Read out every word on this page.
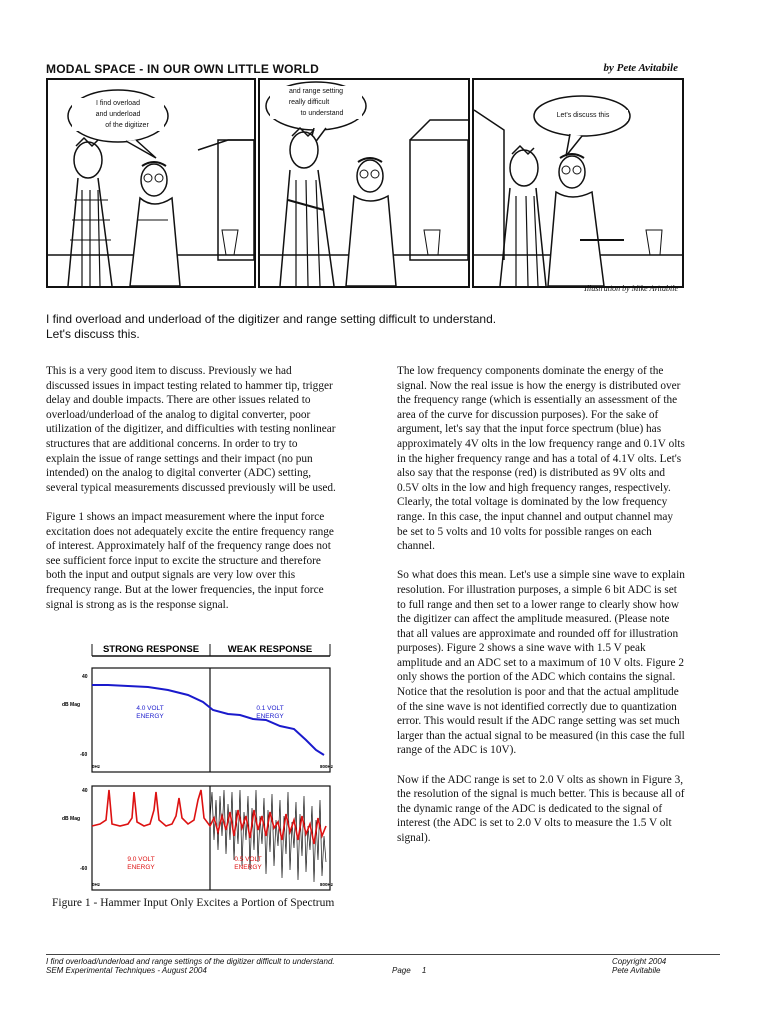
MODAL SPACE - IN OUR OWN LITTLE WORLD	by Pete Avitabile
I find overload
and underload
of the digitizer
and range setting
really difficult
to understand	Let's discuss this
Illustration by Mike Avitabile
I find overload and underload of the digitizer and range setting difficult to understand.
Let's discuss this.

This is a very good item to discuss. Previously we had
discussed issues in impact testing related to hammer tip, trigger
delay and double impacts. There are other issues related to
overload/underload of the analog to digital converter, poor
utilization of the digitizer, and difficulties with testing nonlinear
structures that are additional concerns. In order to try to
explain the issue of range settings and their impact (no pun
intended) on the analog to digital converter (ADC) setting,
several typical measurements discussed previously will be used.

Figure 1 shows an impact measurement where the input force
excitation does not adequately excite the entire frequency range
of interest. Approximately half of the frequency range does not
see sufficient force input to excite the structure and therefore
both the input and output signals are very low over this
frequency range. But at the lower frequencies, the input force
signal is strong as is the response signal.

The low frequency components dominate the energy of the
signal. Now the real issue is how the energy is distributed over
the frequency range (which is essentially an assessment of the
area of the curve for discussion purposes). For the sake of
argument, let's say that the input force spectrum (blue) has
approximately 4V olts in the low frequency range and 0.1V olts
in the higher frequency range and has a total of 4.1V olts. Let's
also say that the response (red) is distributed as 9V olts and
0.5V olts in the low and high frequency ranges, respectively.
Clearly, the total voltage is dominated by the low frequency
range. In this case, the input channel and output channel may
be set to 5 volts and 10 volts for possible ranges on each
channel.

So what does this mean. Let's use a simple sine wave to explain
resolution. For illustration purposes, a simple 6 bit ADC is set
to full range and then set to a lower range to clearly show how
the digitizer can affect the amplitude measured. (Please note
that all values are approximate and rounded off for illustration
purposes). Figure 2 shows a sine wave with 1.5 V peak
amplitude and an ADC set to a maximum of 10 V olts. Figure 2
only shows the portion of the ADC which contains the signal.
Notice that the resolution is poor and that the actual amplitude
of the sine wave is not identified correctly due to quantization
error. This would result if the ADC range setting was set much
larger than the actual signal to be measured (in this case the full
range of the ADC is 10V).

Now if the ADC range is set to 2.0 V olts as shown in Figure 3,
the resolution of the signal is much better. This is because all of
the dynamic range of the ADC is dedicated to the signal of
interest (the ADC is set to 2.0 V olts to measure the 1.5 V olt
signal).

STRONG RESPONSE	WEAK RESPONSE
40
dB Mag
-60
0Hz	800Hz
4.0 VOLT
ENERGY
0.1 VOLT
ENERGY
40
dB Mag
-60
0Hz	800Hz
9.0 VOLT
ENERGY
0.5 VOLT
ENERGY
Figure 1 - Hammer Input Only Excites a Portion of Spectrum
I find overload/underload and range settings of the digitizer difficult to understand.
SEM Experimental Techniques - August 2004	Page 1
Copyright 2004
Pete Avitabile
